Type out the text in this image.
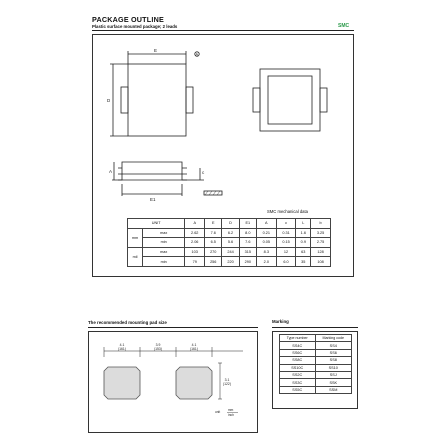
PACKAGE OUTLINE
Plastic surface mounted package; 2 leads	SMC
E
A
D
A	c
E1
SMC mechanical data
UNIT		A	E	D	E1	A	c	L	b
mm	max	2.62	7.6	6.2	8.0	0.21	0.31	1.6	3.25
	min	2.06	6.5	5.6	7.6	0.05	0.15	0.9	2.75
mil	max	103	270	244	315	8.3	12	63	128
	min	79	256	220	290	2.0	6.0	35	108
The recommended mounting pad size
4.1
(161)
3.9
(153)
4.1
(161)
3.1
(122)
unit mm
inch
Marking
Type number	Marking code
SS4C	SS4
SS6C	SS6
SS8C	SS8
SS10C	SS10
SS2C	SSJ
SS3C	SSK
SS5C	SSM
